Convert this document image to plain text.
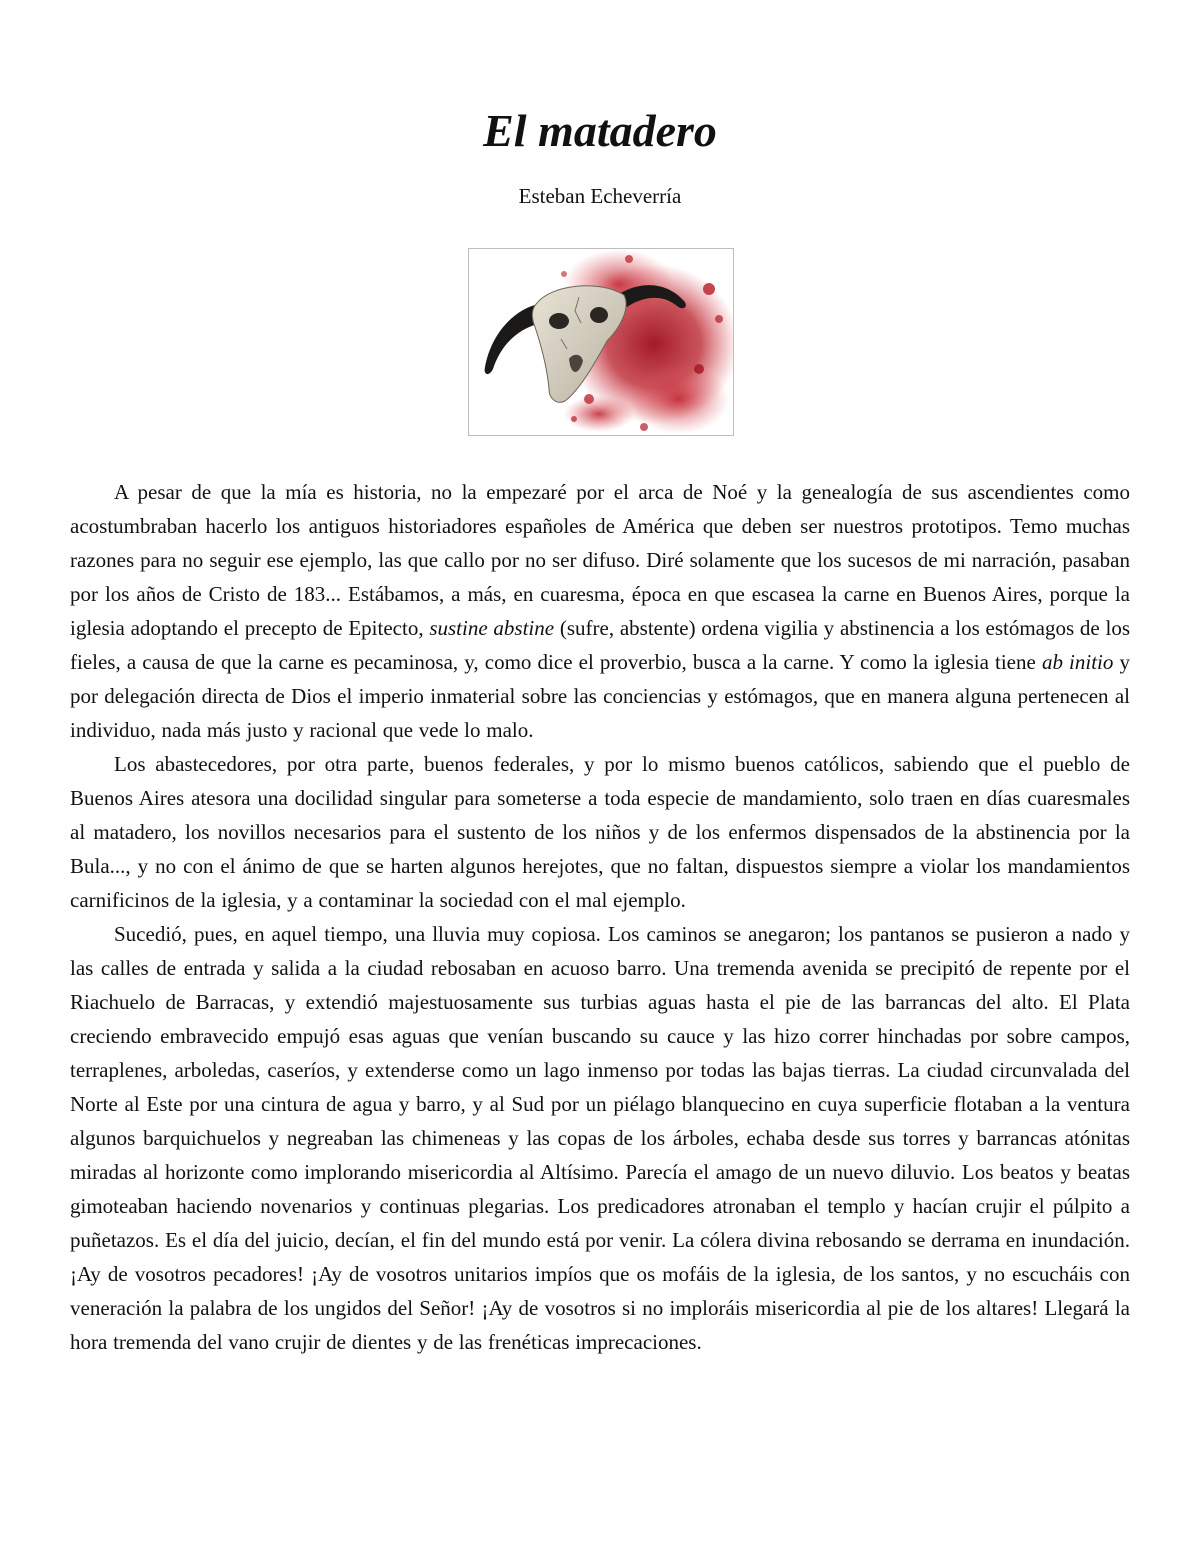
El matadero
Esteban Echeverría

A pesar de que la mía es historia, no la empezaré por el arca de Noé y la genealogía de sus ascendientes como acostumbraban hacerlo los antiguos historiadores españoles de América que deben ser nuestros prototipos. Temo muchas razones para no seguir ese ejemplo, las que callo por no ser difuso. Diré solamente que los sucesos de mi narración, pasaban por los años de Cristo de 183... Estábamos, a más, en cuaresma, época en que escasea la carne en Buenos Aires, porque la iglesia adoptando el precepto de Epitecto, sustine abstine (sufre, abstente) ordena vigilia y abstinencia a los estómagos de los fieles, a causa de que la carne es pecaminosa, y, como dice el proverbio, busca a la carne. Y como la iglesia tiene ab initio y por delegación directa de Dios el imperio inmaterial sobre las conciencias y estómagos, que en manera alguna pertenecen al individuo, nada más justo y racional que vede lo malo.

Los abastecedores, por otra parte, buenos federales, y por lo mismo buenos católicos, sabiendo que el pueblo de Buenos Aires atesora una docilidad singular para someterse a toda especie de mandamiento, solo traen en días cuaresmales al matadero, los novillos necesarios para el sustento de los niños y de los enfermos dispensados de la abstinencia por la Bula..., y no con el ánimo de que se harten algunos herejotes, que no faltan, dispuestos siempre a violar los mandamientos carnificinos de la iglesia, y a contaminar la sociedad con el mal ejemplo.

Sucedió, pues, en aquel tiempo, una lluvia muy copiosa. Los caminos se anegaron; los pantanos se pusieron a nado y las calles de entrada y salida a la ciudad rebosaban en acuoso barro. Una tremenda avenida se precipitó de repente por el Riachuelo de Barracas, y extendió majestuosamente sus turbias aguas hasta el pie de las barrancas del alto. El Plata creciendo embravecido empujó esas aguas que venían buscando su cauce y las hizo correr hinchadas por sobre campos, terraplenes, arboledas, caseríos, y extenderse como un lago inmenso por todas las bajas tierras. La ciudad circunvalada del Norte al Este por una cintura de agua y barro, y al Sud por un piélago blanquecino en cuya superficie flotaban a la ventura algunos barquichuelos y negreaban las chimeneas y las copas de los árboles, echaba desde sus torres y barrancas atónitas miradas al horizonte como implorando misericordia al Altísimo. Parecía el amago de un nuevo diluvio. Los beatos y beatas gimoteaban haciendo novenarios y continuas plegarias. Los predicadores atronaban el templo y hacían crujir el púlpito a puñetazos. Es el día del juicio, decían, el fin del mundo está por venir. La cólera divina rebosando se derrama en inundación. ¡Ay de vosotros pecadores! ¡Ay de vosotros unitarios impíos que os mofáis de la iglesia, de los santos, y no escucháis con veneración la palabra de los ungidos del Señor! ¡Ay de vosotros si no imploráis misericordia al pie de los altares! Llegará la hora tremenda del vano crujir de dientes y de las frenéticas imprecaciones.
